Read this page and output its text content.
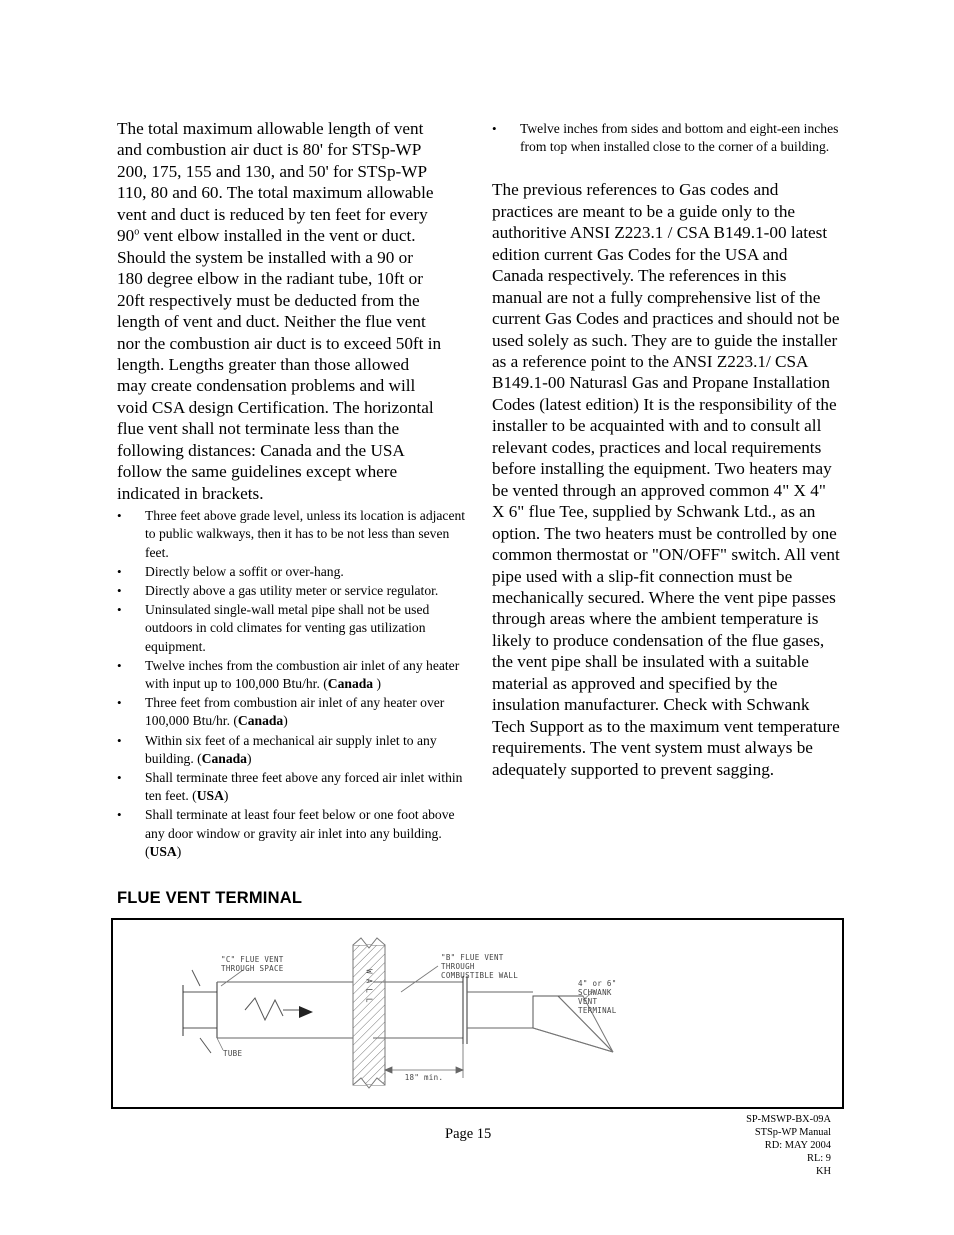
The total maximum allowable length of vent
and combustion air duct is 80' for STSp-WP
200, 175, 155 and 130, and 50' for STSp-WP
110, 80 and 60. The total maximum allowable
vent and duct is reduced by ten feet for every
90$^o$ vent elbow installed in the vent or duct.
Should the system be installed with a 90 or
180 degree elbow in the radiant tube, 10ft or
20ft respectively must be deducted from the
length of vent and duct. Neither the flue vent
nor the combustion air duct is to exceed 50ft in
length. Lengths greater than those allowed
may create condensation problems and will
void CSA design Certification. The horizontal
flue vent shall not terminate less than the
following distances: Canada and the USA
follow the same guidelines except where
indicated in brackets.

• Three feet above grade level, unless its location is adjacent to public walkways, then it has to be not less than seven feet.
• Directly below a soffit or over-hang.
• Directly above a gas utility meter or service regulator.
• Uninsulated single-wall metal pipe shall not be used outdoors in cold climates for venting gas utilization equipment.
• Twelve inches from the combustion air inlet of any heater with input up to 100,000 Btu/hr. (Canada )
• Three feet from combustion air inlet of any heater over 100,000 Btu/hr. (Canada)
• Within six feet of a mechanical air supply inlet to any building. (Canada)
• Shall terminate three feet above any forced air inlet within ten feet. (USA)
• Shall terminate at least four feet below or one foot above any door window or gravity air inlet into any building. (USA)
• Twelve inches from sides and bottom and eight-een inches from top when installed close to the corner of a building.

The previous references to Gas codes and practices are meant to be a guide only to the authoritive ANSI Z223.1 / CSA B149.1-00 latest edition current Gas Codes for the USA and Canada respectively. The references in this manual are not a fully comprehensive list of the current Gas Codes and practices and should not be used solely as such. They are to guide the installer as a reference point to the ANSI Z223.1/ CSA B149.1-00 Naturasl Gas and Propane Installation Codes (latest edition) It is the responsibility of the installer to be acquainted with and to consult all relevant codes, practices and local requirements before installing the equipment. Two heaters may be vented through an approved common 4" X 4" X 6" flue Tee, supplied by Schwank Ltd., as an option. The two heaters must be controlled by one common thermostat or "ON/OFF" switch. All vent pipe used with a slip-fit connection must be mechanically secured. Where the vent pipe passes through areas where the ambient temperature is likely to produce condensation of the flue gases, the vent pipe shall be insulated with a suitable material as approved and specified by the insulation manufacturer. Check with Schwank Tech Support as to the maximum vent temperature requirements. The vent system must always be adequately supported to prevent sagging.

FLUE VENT TERMINAL
W A L L
"C" FLUE VENT
THROUGH SPACE
"B" FLUE VENT
THROUGH
COMBUSTIBLE WALL
4" or 6"
SCHWANK
VENT
TERMINAL
TUBE
18" min.
Page 15
SP-MSWP-BX-09A
STSp-WP Manual
RD: MAY 2004
RL: 9
KH
